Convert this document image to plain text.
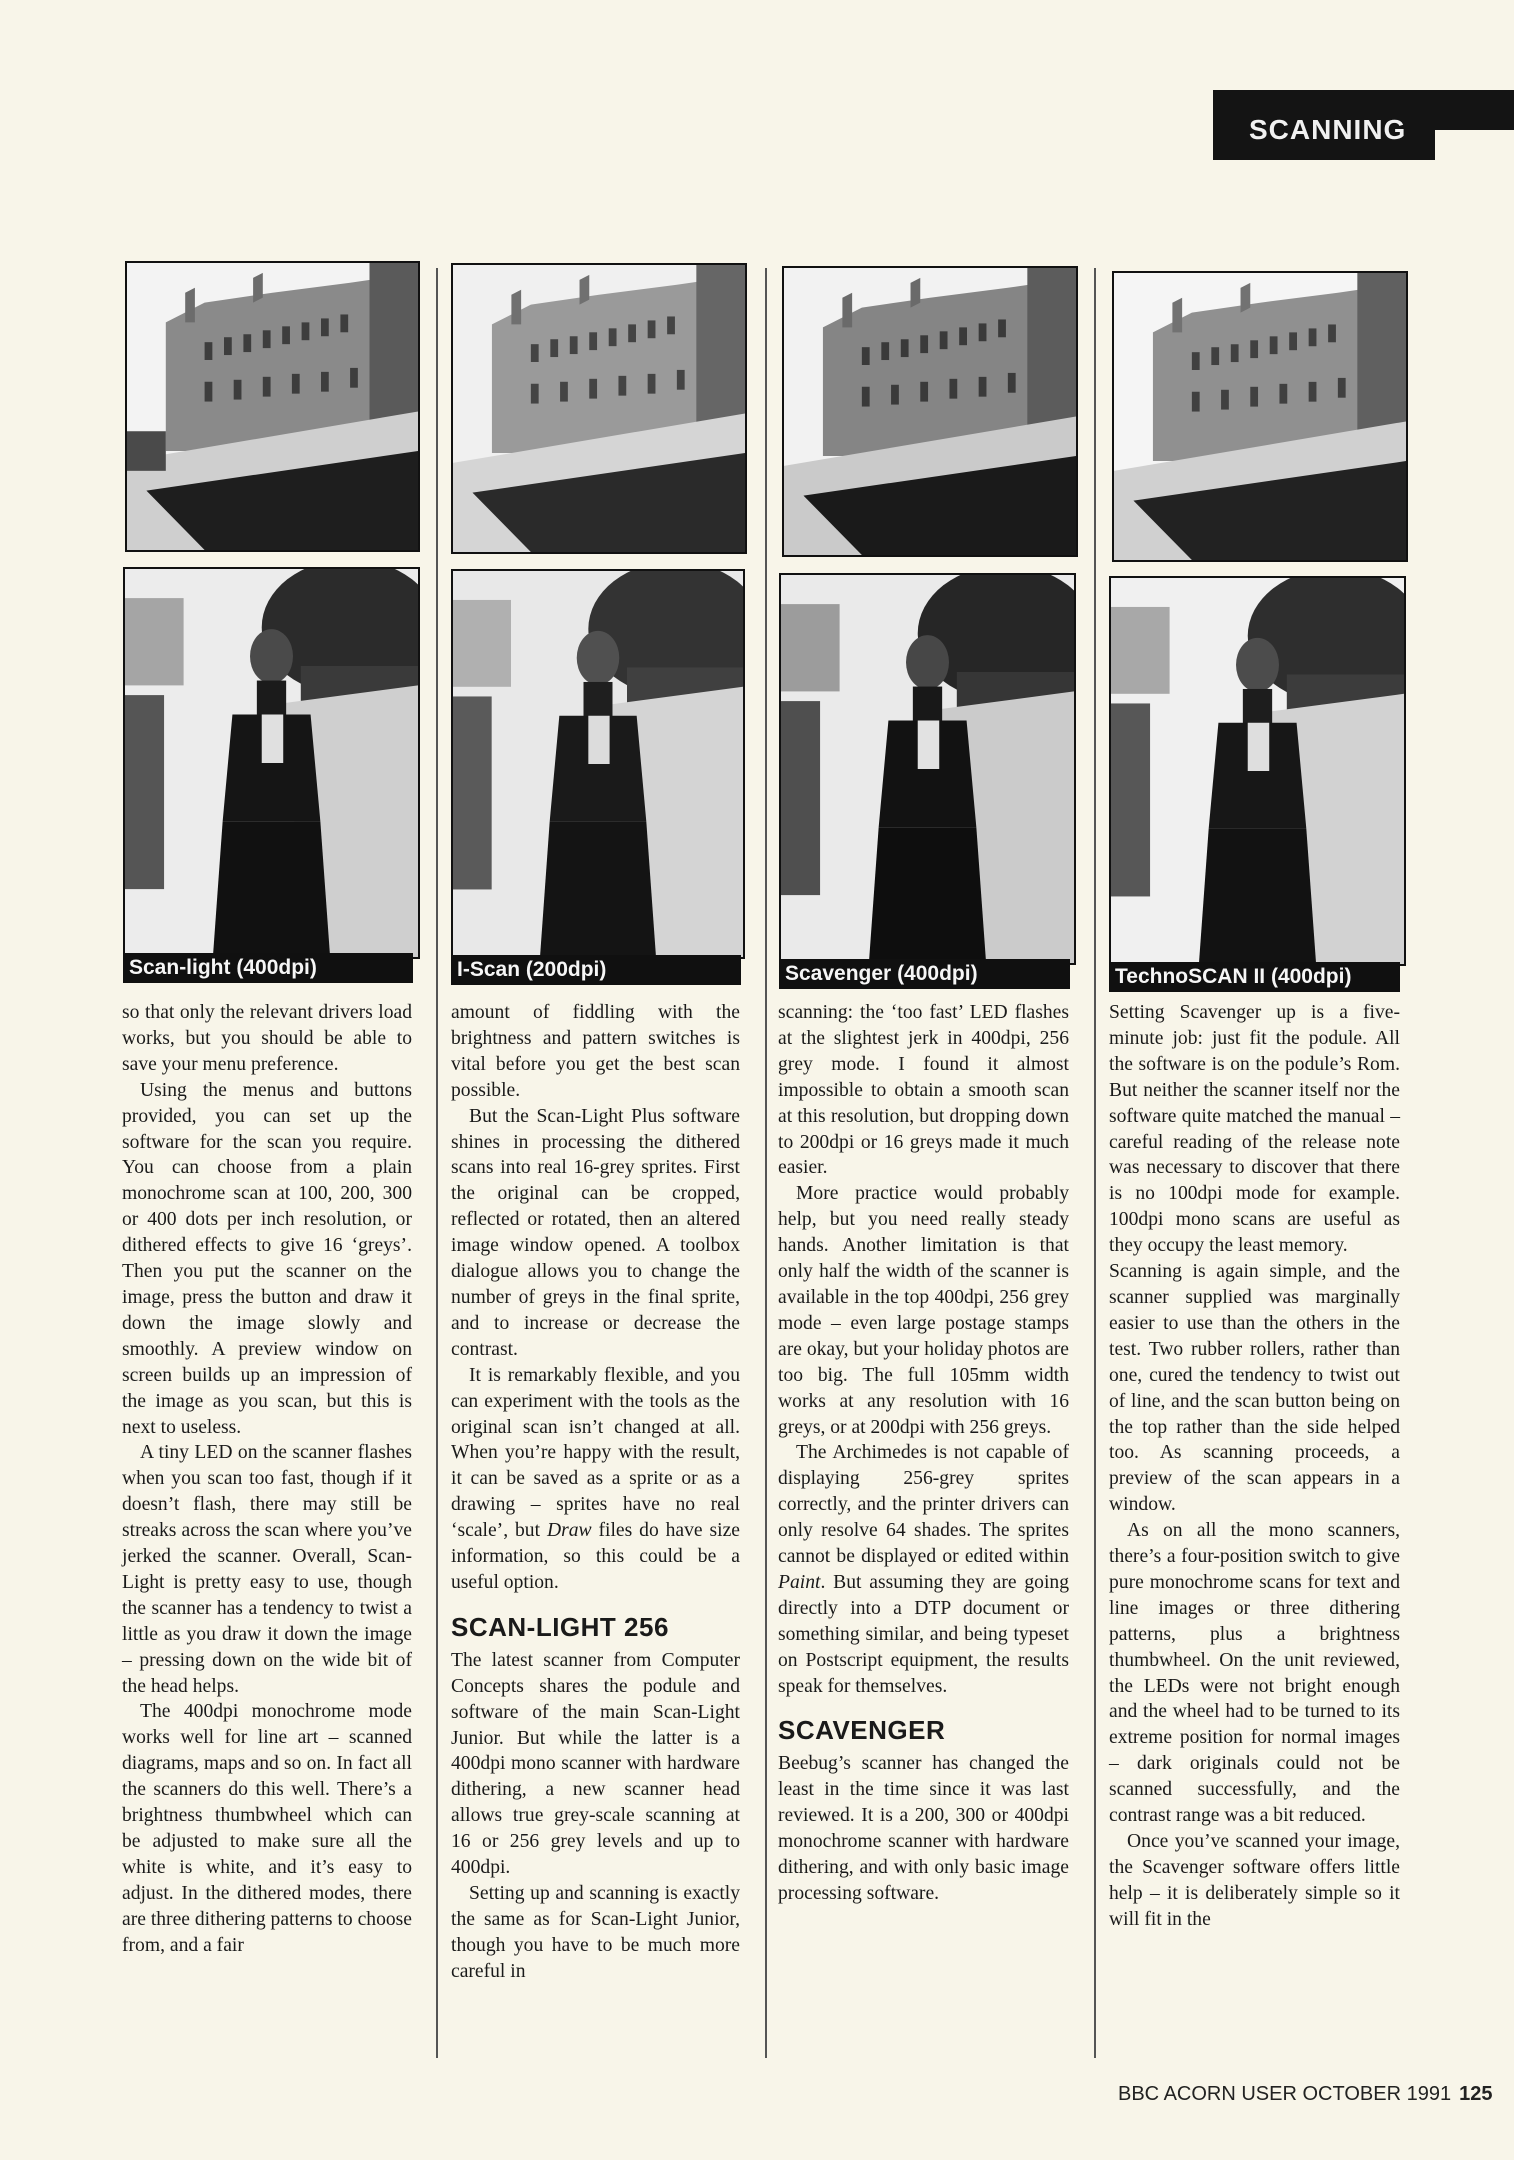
SCANNING
Scan-light (400dpi)	I-Scan (200dpi)	Scavenger (400dpi)	TechnoSCAN II (400dpi)

so that only the relevant drivers load works, but you should be able to save your menu preference.

Using the menus and buttons provided, you can set up the software for the scan you require. You can choose from a plain monochrome scan at 100, 200, 300 or 400 dots per inch resolution, or dithered effects to give 16 ‘greys’. Then you put the scanner on the image, press the button and draw it down the image slowly and smoothly. A preview window on screen builds up an impression of the image as you scan, but this is next to useless.

A tiny LED on the scanner flashes when you scan too fast, though if it doesn’t flash, there may still be streaks across the scan where you’ve jerked the scanner. Overall, Scan-Light is pretty easy to use, though the scanner has a tendency to twist a little as you draw it down the image – pressing down on the wide bit of the head helps.

The 400dpi monochrome mode works well for line art – scanned diagrams, maps and so on. In fact all the scanners do this well. There’s a brightness thumbwheel which can be adjusted to make sure all the white is white, and it’s easy to adjust. In the dithered modes, there are three dithering patterns to choose from, and a fair

amount of fiddling with the brightness and pattern switches is vital before you get the best scan possible.

But the Scan-Light Plus software shines in processing the dithered scans into real 16-grey sprites. First the original can be cropped, reflected or rotated, then an altered image window opened. A toolbox dialogue allows you to change the number of greys in the final sprite, and to increase or decrease the contrast.

It is remarkably flexible, and you can experiment with the tools as the original scan isn’t changed at all. When you’re happy with the result, it can be saved as a sprite or as a drawing – sprites have no real ‘scale’, but Draw files do have size information, so this could be a useful option.

SCAN-LIGHT 256

The latest scanner from Computer Concepts shares the podule and software of the main Scan-Light Junior. But while the latter is a 400dpi mono scanner with hardware dithering, a new scanner head allows true grey-scale scanning at 16 or 256 grey levels and up to 400dpi.

Setting up and scanning is exactly the same as for Scan-Light Junior, though you have to be much more careful in

scanning: the ‘too fast’ LED flashes at the slightest jerk in 400dpi, 256 grey mode. I found it almost impossible to obtain a smooth scan at this resolution, but dropping down to 200dpi or 16 greys made it much easier.

More practice would probably help, but you need really steady hands. Another limitation is that only half the width of the scanner is available in the top 400dpi, 256 grey mode – even large postage stamps are okay, but your holiday photos are too big. The full 105mm width works at any resolution with 16 greys, or at 200dpi with 256 greys.

The Archimedes is not capable of displaying 256-grey sprites correctly, and the printer drivers can only resolve 64 shades. The sprites cannot be displayed or edited within Paint. But assuming they are going directly into a DTP document or something similar, and being typeset on Postscript equipment, the results speak for themselves.

SCAVENGER

Beebug’s scanner has changed the least in the time since it was last reviewed. It is a 200, 300 or 400dpi monochrome scanner with hardware dithering, and with only basic image processing software.

Setting Scavenger up is a five-minute job: just fit the podule. All the software is on the podule’s Rom. But neither the scanner itself nor the software quite matched the manual – careful reading of the release note was necessary to discover that there is no 100dpi mode for example. 100dpi mono scans are useful as they occupy the least memory.

Scanning is again simple, and the scanner supplied was marginally easier to use than the others in the test. Two rubber rollers, rather than one, cured the tendency to twist out of line, and the scan button being on the top rather than the side helped too. As scanning proceeds, a preview of the scan appears in a window.

As on all the mono scanners, there’s a four-position switch to give pure monochrome scans for text and line images or three dithering patterns, plus a brightness thumbwheel. On the unit reviewed, the LEDs were not bright enough and the wheel had to be turned to its extreme position for normal images – dark originals could not be scanned successfully, and the contrast range was a bit reduced.

Once you’ve scanned your image, the Scavenger software offers little help – it is deliberately simple so it will fit in the

BBC ACORN USER OCTOBER 1991 125
